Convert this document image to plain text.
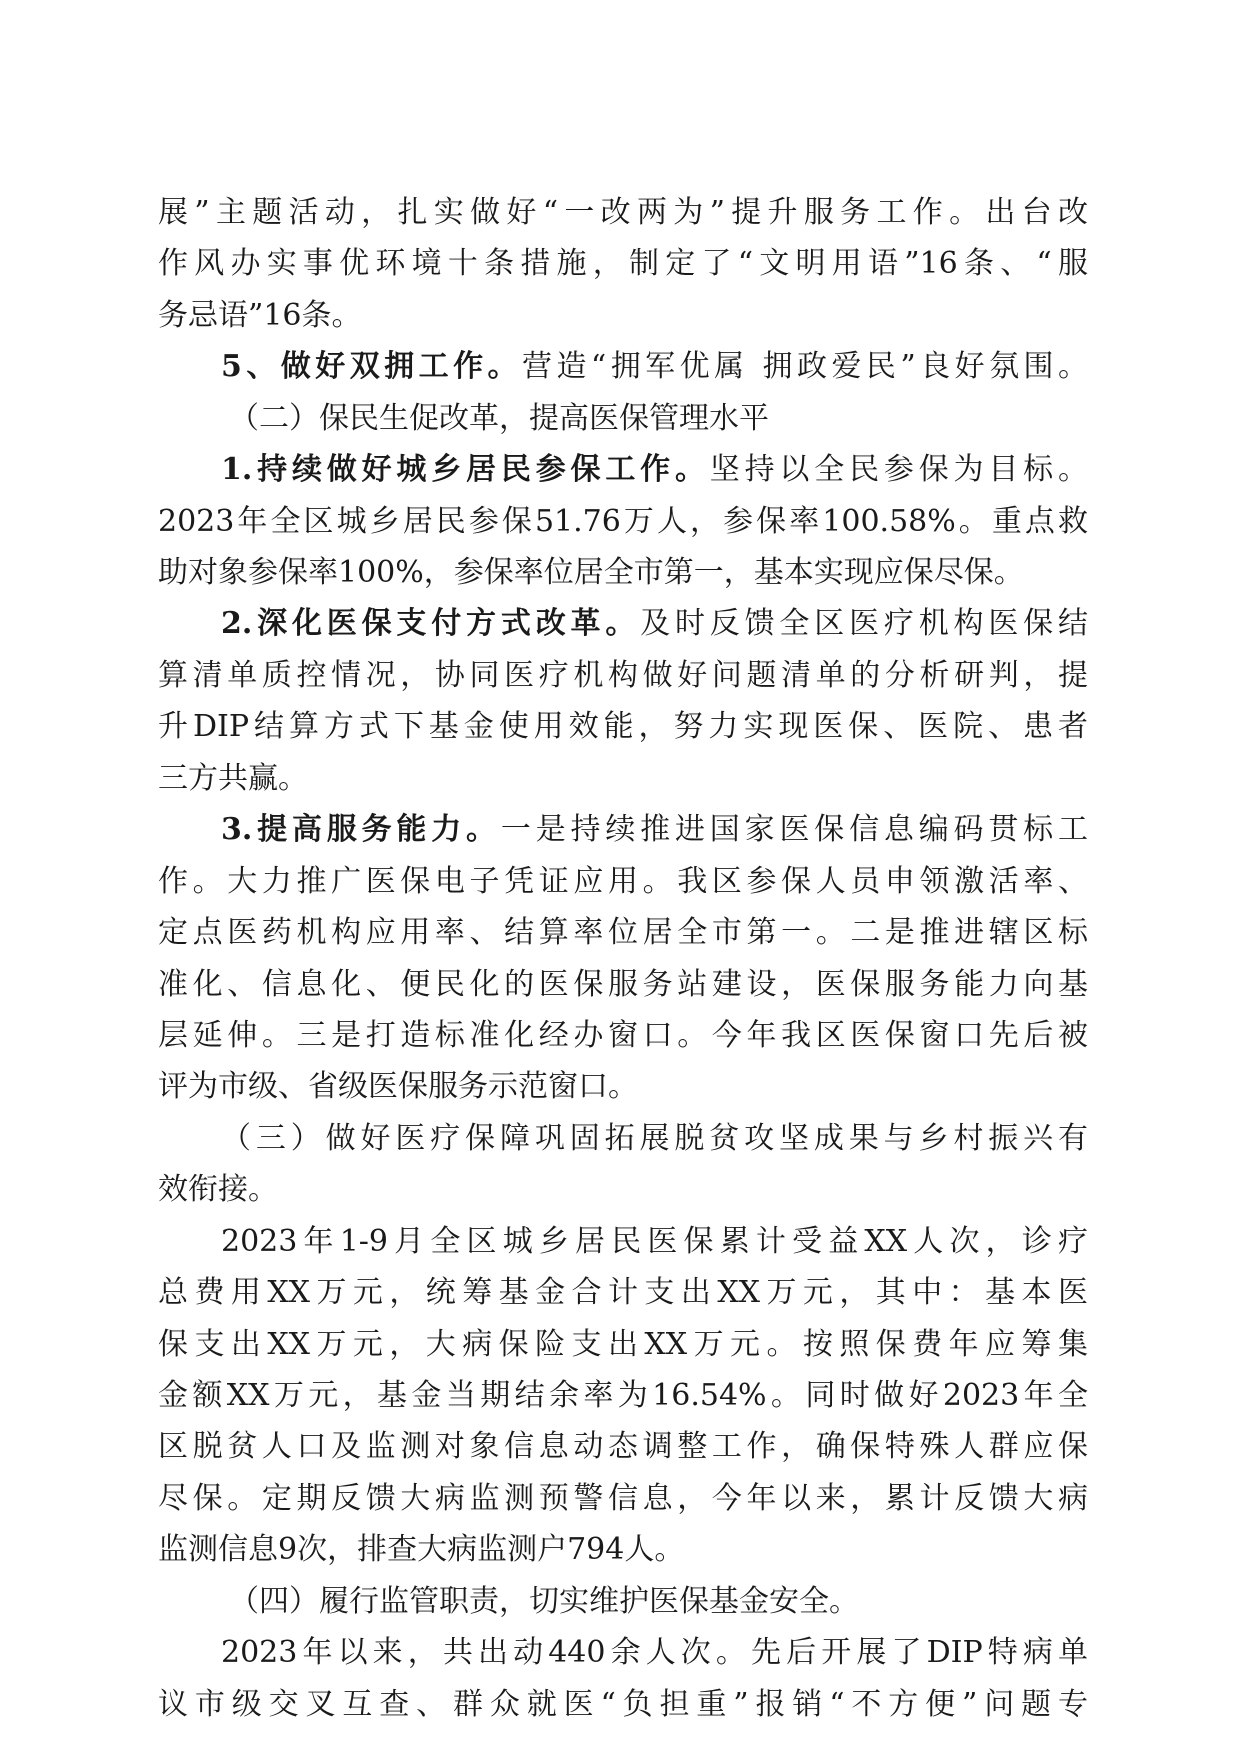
展”主题活动，扎实做好“一改两为”提升服务工作。出台改
作风办实事优环境十条措施，制定了“文明用语”16条、“服
务忌语”16条。
5、做好双拥工作。营造“拥军优属 拥政爱民”良好氛围。
（二）保民生促改革，提高医保管理水平
1.持续做好城乡居民参保工作。坚持以全民参保为目标。
2023年全区城乡居民参保51.76万人，参保率100.58%。重点救
助对象参保率100%，参保率位居全市第一，基本实现应保尽保。
2.深化医保支付方式改革。及时反馈全区医疗机构医保结
算清单质控情况，协同医疗机构做好问题清单的分析研判，提
升DIP结算方式下基金使用效能，努力实现医保、医院、患者
三方共赢。
3.提高服务能力。一是持续推进国家医保信息编码贯标工
作。大力推广医保电子凭证应用。我区参保人员申领激活率、
定点医药机构应用率、结算率位居全市第一。二是推进辖区标
准化、信息化、便民化的医保服务站建设，医保服务能力向基
层延伸。三是打造标准化经办窗口。今年我区医保窗口先后被
评为市级、省级医保服务示范窗口。
（三）做好医疗保障巩固拓展脱贫攻坚成果与乡村振兴有
效衔接。
2023年1-9月全区城乡居民医保累计受益XX人次，诊疗
总费用XX万元，统筹基金合计支出XX万元，其中：基本医
保支出XX万元，大病保险支出XX万元。按照保费年应筹集
金额XX万元，基金当期结余率为16.54%。同时做好2023年全
区脱贫人口及监测对象信息动态调整工作，确保特殊人群应保
尽保。定期反馈大病监测预警信息，今年以来，累计反馈大病
监测信息9次，排查大病监测户794人。
（四）履行监管职责，切实维护医保基金安全。
2023年以来，共出动440余人次。先后开展了DIP特病单
议市级交叉互查、群众就医“负担重”报销“不方便”问题专
